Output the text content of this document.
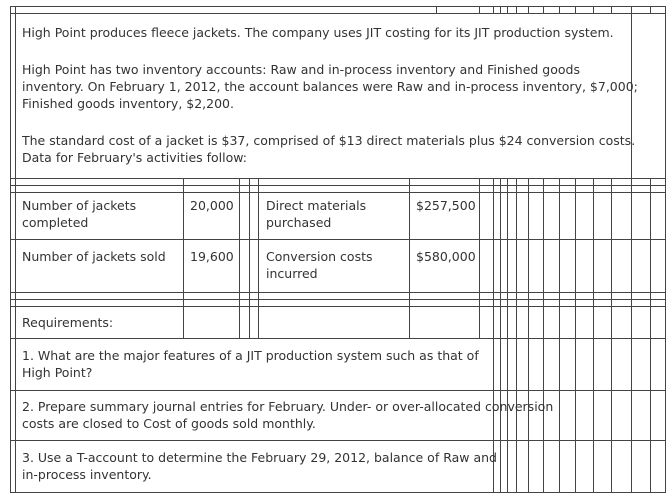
High Point produces fleece jackets. The company uses JIT costing for its JIT production system.
High Point has two inventory accounts: Raw and in-process inventory and Finished goods
inventory. On February 1, 2012, the account balances were Raw and in-process inventory, $7,000;
Finished goods inventory, $2,200.
The standard cost of a jacket is $37, comprised of $13 direct materials plus $24 conversion costs.
Data for February's activities follow:
Number of jackets
completed
20,000	Direct materials
purchased
$257,500
Number of jackets sold 19,600	Conversion costs
incurred
$580,000
Requirements:
1. What are the major features of a JIT production system such as that of
High Point?
2. Prepare summary journal entries for February. Under- or over-allocated conversion
costs are closed to Cost of goods sold monthly.
3. Use a T-account to determine the February 29, 2012, balance of Raw and
in-process inventory.
